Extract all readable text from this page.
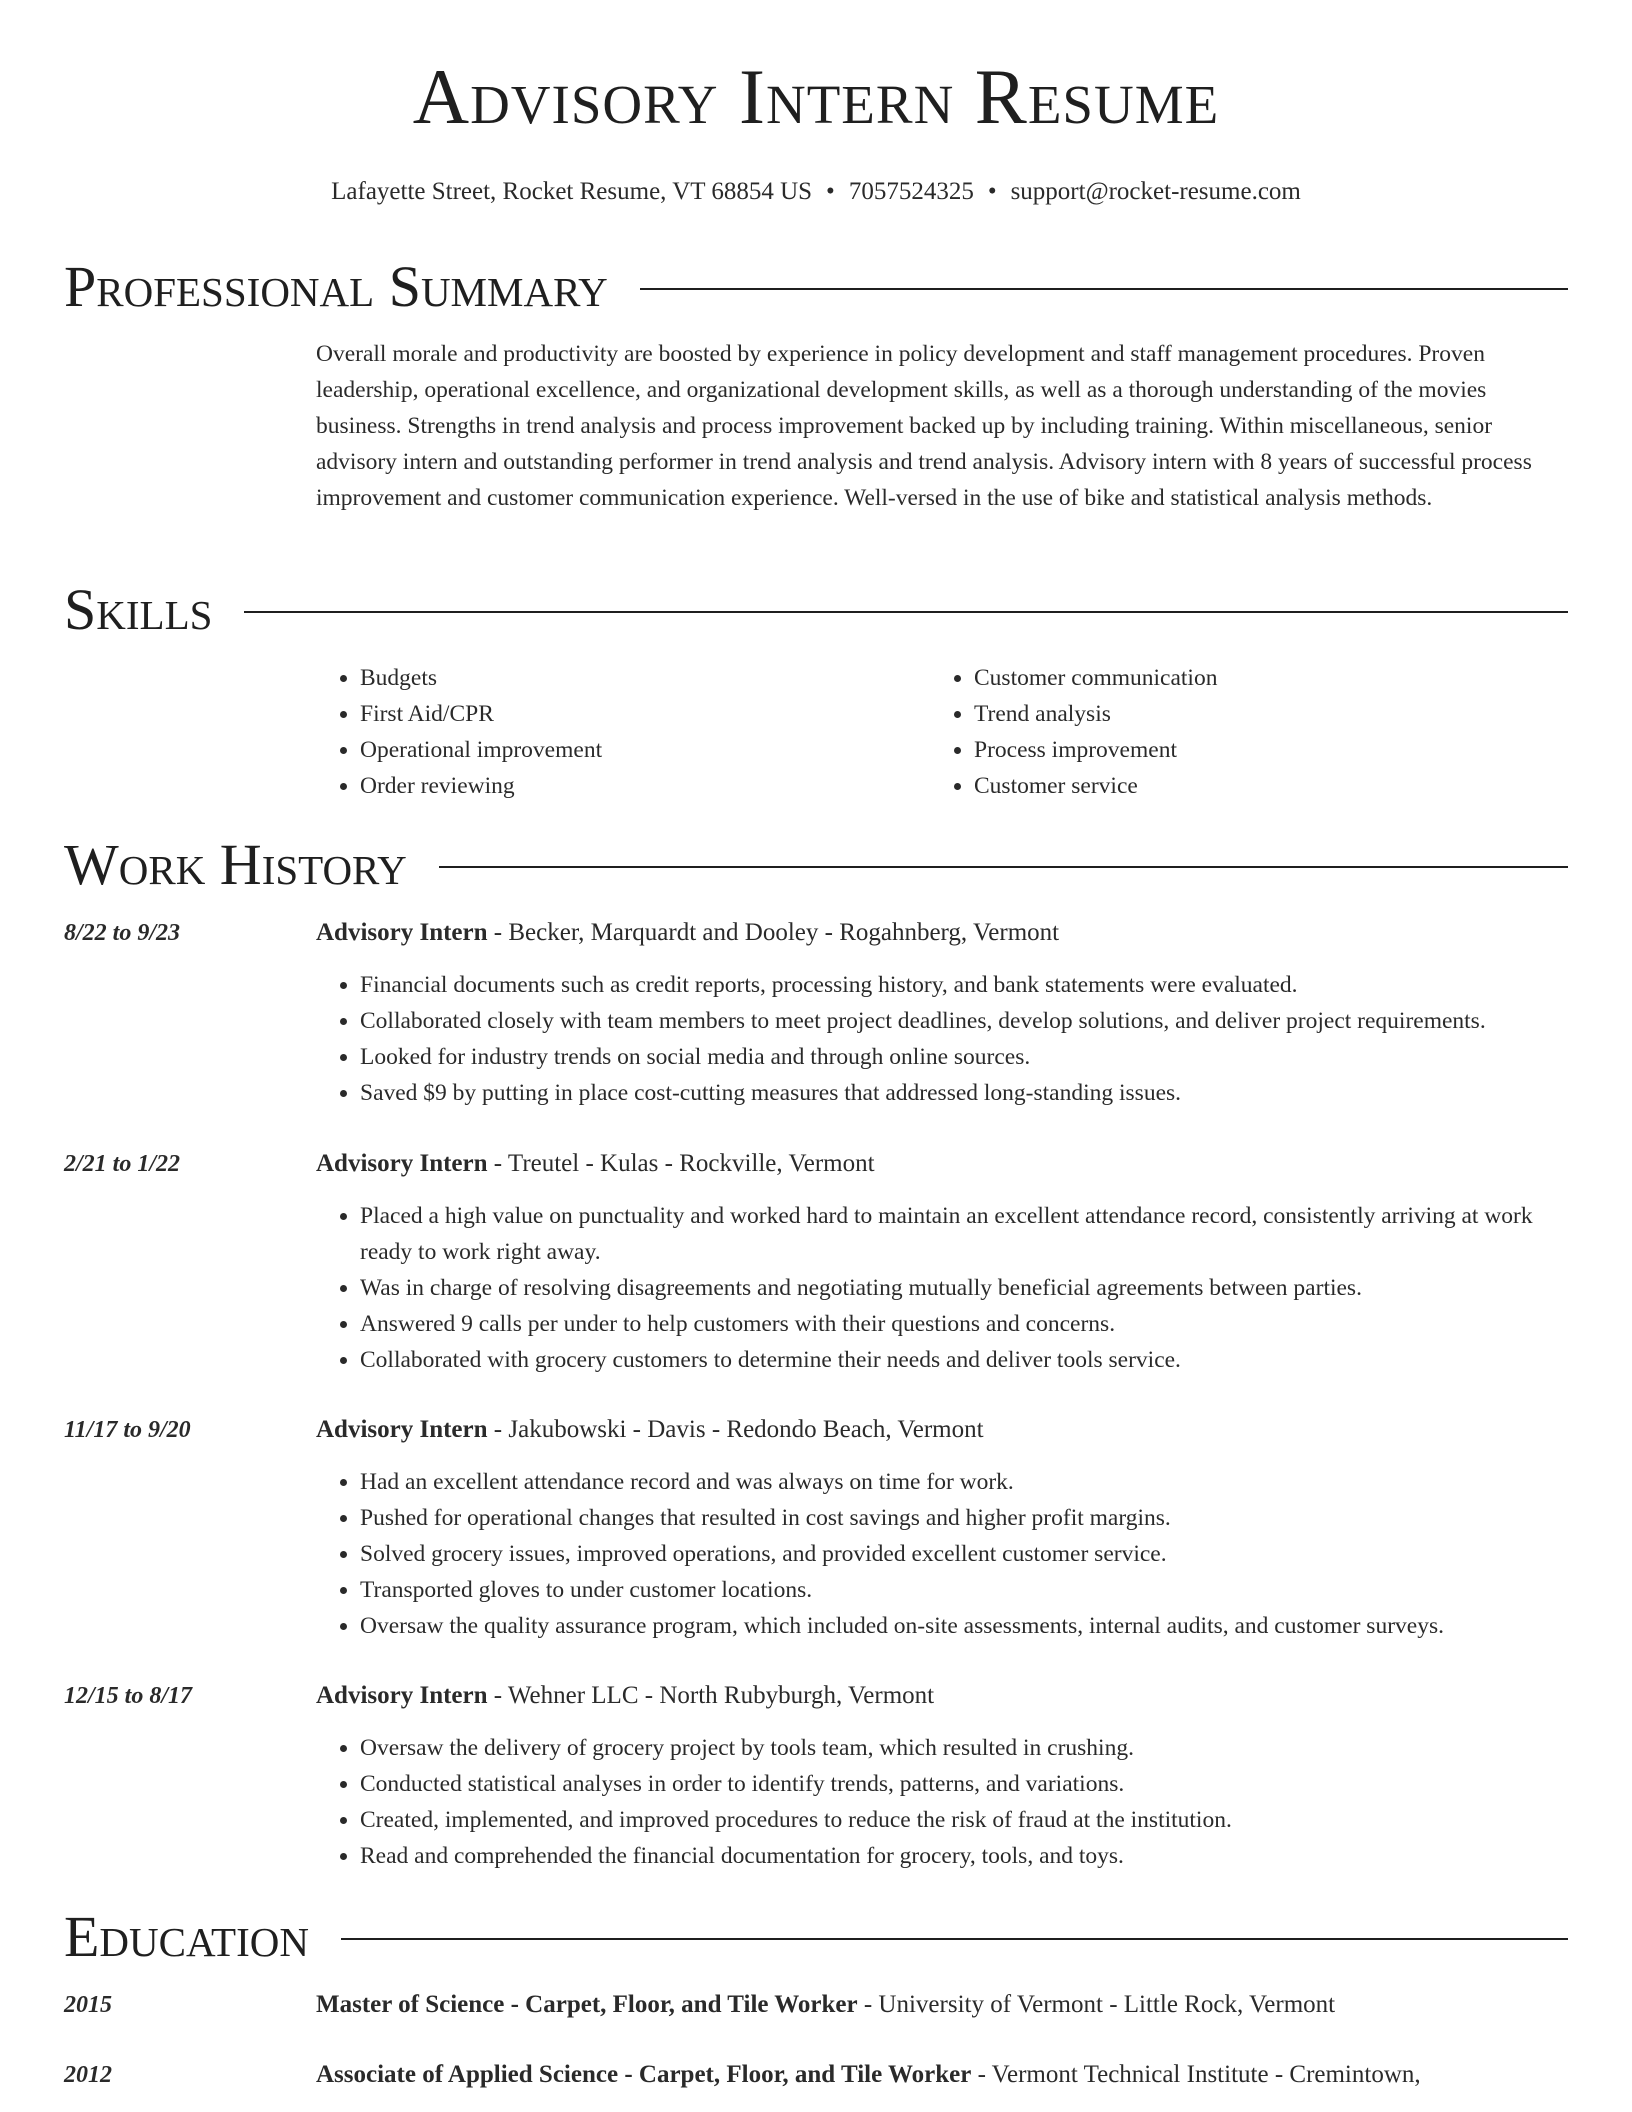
Advisory Intern Resume
Lafayette Street, Rocket Resume, VT 68854 US • 7057524325 • support@rocket-resume.com
Professional Summary
Overall morale and productivity are boosted by experience in policy development and staff management procedures. Proven leadership, operational excellence, and organizational development skills, as well as a thorough understanding of the movies business. Strengths in trend analysis and process improvement backed up by including training. Within miscellaneous, senior advisory intern and outstanding performer in trend analysis and trend analysis. Advisory intern with 8 years of successful process improvement and customer communication experience. Well-versed in the use of bike and statistical analysis methods.
Skills
• Budgets
• First Aid/CPR
• Operational improvement
• Order reviewing
• Customer communication
• Trend analysis
• Process improvement
• Customer service
Work History
8/22 to 9/23	Advisory Intern - Becker, Marquardt and Dooley - Rogahnberg, Vermont
• Financial documents such as credit reports, processing history, and bank statements were evaluated.
• Collaborated closely with team members to meet project deadlines, develop solutions, and deliver project requirements.
• Looked for industry trends on social media and through online sources.
• Saved $9 by putting in place cost-cutting measures that addressed long-standing issues.
2/21 to 1/22	Advisory Intern - Treutel - Kulas - Rockville, Vermont
• Placed a high value on punctuality and worked hard to maintain an excellent attendance record, consistently arriving at work ready to work right away.
• Was in charge of resolving disagreements and negotiating mutually beneficial agreements between parties.
• Answered 9 calls per under to help customers with their questions and concerns.
• Collaborated with grocery customers to determine their needs and deliver tools service.
11/17 to 9/20	Advisory Intern - Jakubowski - Davis - Redondo Beach, Vermont
• Had an excellent attendance record and was always on time for work.
• Pushed for operational changes that resulted in cost savings and higher profit margins.
• Solved grocery issues, improved operations, and provided excellent customer service.
• Transported gloves to under customer locations.
• Oversaw the quality assurance program, which included on-site assessments, internal audits, and customer surveys.
12/15 to 8/17	Advisory Intern - Wehner LLC - North Rubyburgh, Vermont
• Oversaw the delivery of grocery project by tools team, which resulted in crushing.
• Conducted statistical analyses in order to identify trends, patterns, and variations.
• Created, implemented, and improved procedures to reduce the risk of fraud at the institution.
• Read and comprehended the financial documentation for grocery, tools, and toys.
Education
2015	Master of Science - Carpet, Floor, and Tile Worker - University of Vermont - Little Rock, Vermont
2012	Associate of Applied Science - Carpet, Floor, and Tile Worker - Vermont Technical Institute - Cremintown,
